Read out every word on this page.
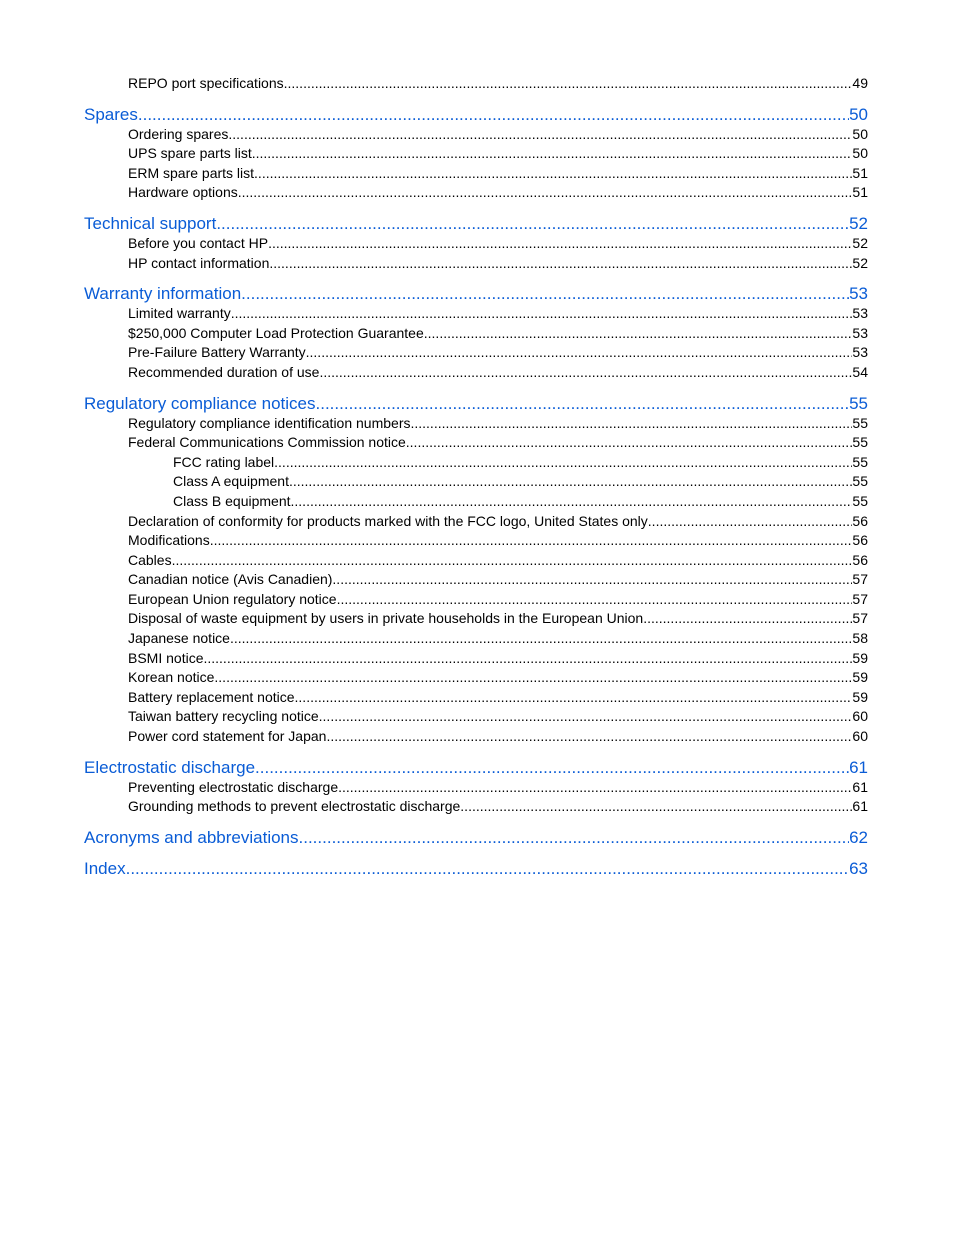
REPO port specifications .....	49
Spares .....	50
Ordering spares .....	50
UPS spare parts list .....	50
ERM spare parts list .....	51
Hardware options .....	51
Technical support .....	52
Before you contact HP .....	52
HP contact information .....	52
Warranty information .....	53
Limited warranty .....	53
$250,000 Computer Load Protection Guarantee .....	53
Pre-Failure Battery Warranty .....	53
Recommended duration of use .....	54
Regulatory compliance notices .....	55
Regulatory compliance identification numbers .....	55
Federal Communications Commission notice .....	55
FCC rating label .....	55
Class A equipment .....	55
Class B equipment .....	55
Declaration of conformity for products marked with the FCC logo, United States only .....	56
Modifications .....	56
Cables .....	56
Canadian notice (Avis Canadien) .....	57
European Union regulatory notice .....	57
Disposal of waste equipment by users in private households in the European Union .....	57
Japanese notice .....	58
BSMI notice .....	59
Korean notice .....	59
Battery replacement notice .....	59
Taiwan battery recycling notice .....	60
Power cord statement for Japan .....	60
Electrostatic discharge .....	61
Preventing electrostatic discharge .....	61
Grounding methods to prevent electrostatic discharge .....	61
Acronyms and abbreviations .....	62
Index .....	63
